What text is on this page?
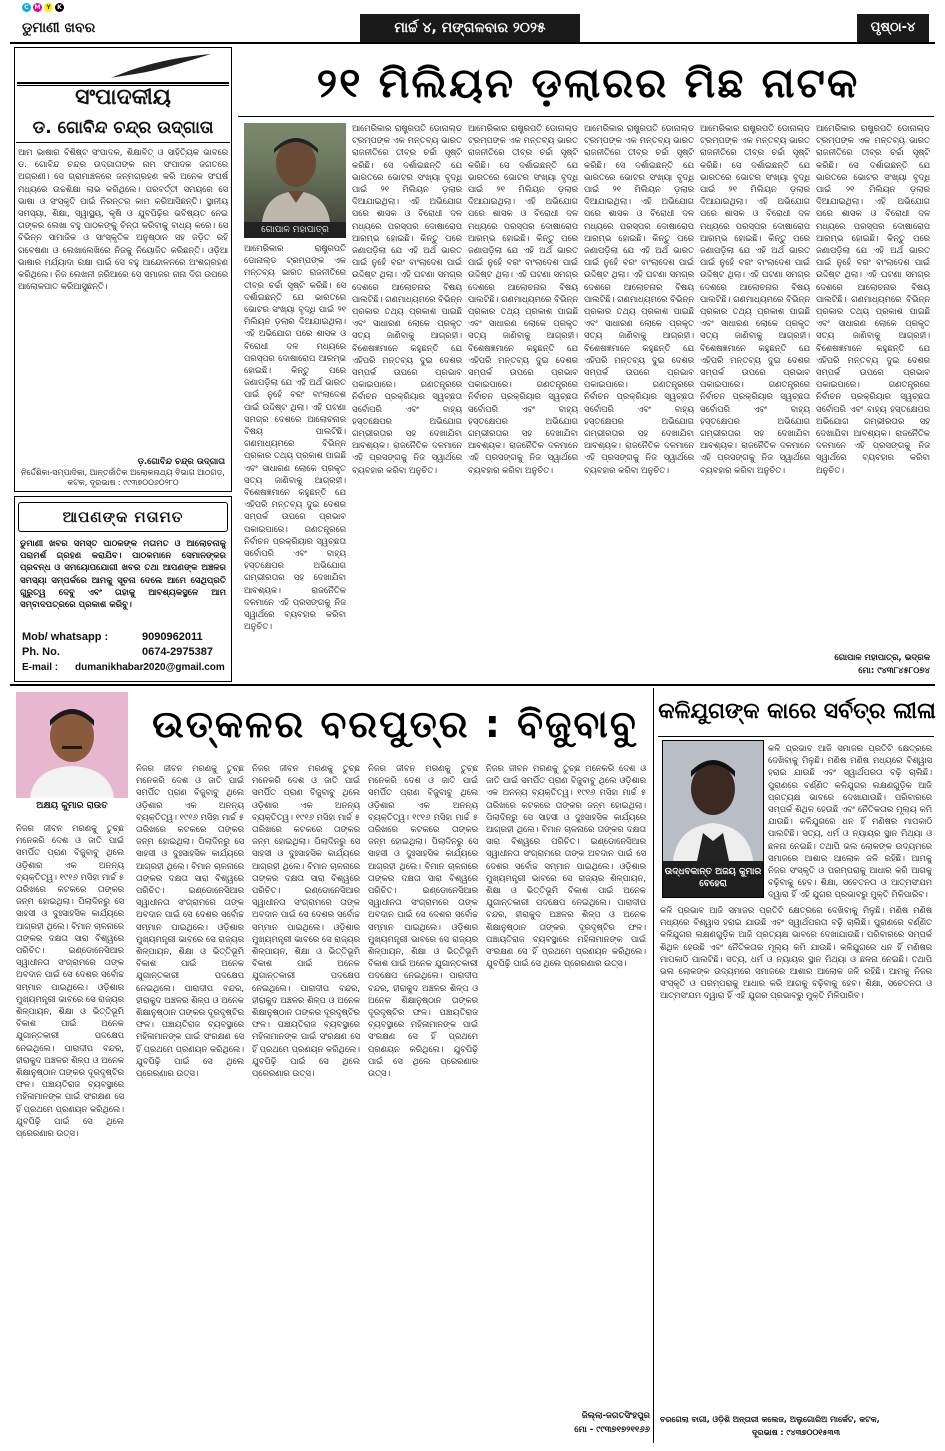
C M Y	K
ଡୁମାଣୀ ଖବର	ମାର୍ଚ୍ଚ ୪, ମଙ୍ଗଳବାର ୨୦୨୫	ପୃଷ୍ଠା-୪
ସଂପାଦକୀୟ
ଡ. ଗୋବିନ୍ଦ ଚନ୍ଦ୍ର ଉଦ୍ଗାତା
ଆମ ଭାଷାର ବିଶିଷ୍ଟ ସଂପାଦକ, ଶିକ୍ଷାବିତ୍ ଓ ସାହିତ୍ୟିକ ଭାବରେ ଡ. ଗୋବିନ୍ଦ ଚନ୍ଦ୍ର ଉଦ୍ଗାତାଙ୍କ ନାମ ସଂପାଦକ ଜଗତରେ ଅଗ୍ରଣୀ। ସେ ଗ୍ରାମାଞ୍ଚଳରେ ଜନ୍ମଗ୍ରହଣ କରି ଅନେକ ସଂଘର୍ଷ ମଧ୍ୟରେ ଉଚ୍ଚଶିକ୍ଷା ଲାଭ କରିଥିଲେ। ପରବର୍ତ୍ତୀ ସମୟରେ ସେ ଭାଷା ଓ ସଂସ୍କୃତି ପାଇଁ ନିରନ୍ତର କାମ କରିଆସିଛନ୍ତି। ସ୍ଥାନୀୟ ସମସ୍ୟା, ଶିକ୍ଷା, ସ୍ୱାସ୍ଥ୍ୟ, କୃଷି ଓ ଯୁବପିଢ଼ିର ଭବିଷ୍ୟତ ନେଇ ତାଙ୍କର ଲେଖା ବହୁ ପାଠକଙ୍କୁ ଚିନ୍ତା କରିବାକୁ ବାଧ୍ୟ କରେ। ସେ ବିଭିନ୍ନ ସାମାଜିକ ଓ ସାଂସ୍କୃତିକ ଅନୁଷ୍ଠାନ ସହ ଜଡ଼ିତ ରହି ଗବେଷଣା ଓ ଲେଖାଲେଖିରେ ନିଜକୁ ନିୟୋଜିତ କରିଛନ୍ତି। ଓଡ଼ିଆ ଭାଷାର ମର୍ଯ୍ୟାଦା ରକ୍ଷା ପାଇଁ ସେ ବହୁ ଆନ୍ଦୋଳନରେ ଅଂଶଗ୍ରହଣ କରିଥିଲେ। ନିଜ ଲେଖନୀ ଜରିଆରେ ସେ ସମାଜର ନାନା ଦିଗ ଉପରେ ଆଲୋକପାତ କରିଆସୁଛନ୍ତି।
ଡ଼.ଗୋବିନ୍ଦ ଚନ୍ଦ୍ର ଉଦ୍ଗାତା
ନିର୍ଦ୍ଦେଶିକା-ସମ୍ପାଦିକା, ଆନ୍ତର୍ଜାତିକ ଅଲୋକନାଥ୍ୟ ବିଭାଗ ଆଠଗଡ଼, କଟକ, ଦୂରଭାଷ : ୯୯୩୭୦୦୬୦୨୮୦
ଆପଣଙ୍କ ମତାମତ
ଡୁମାଣୀ ଖବର ସମସ୍ତ ପାଠକଙ୍କ ମତାମତ ଓ ଆଲୋଚନାକୁ ପରାମର୍ଶ ଗ୍ରହଣ କରାଯିବ। ପାଠକମାନେ ସେମାନଙ୍କର ପ୍ରବନ୍ଧ ଓ ସମୟୋପଯୋଗୀ ଖବର ତଥା ଆପଣଙ୍କ ଅଞ୍ଚଳର ସମସ୍ୟା ସମ୍ପର୍କରେ ଆମକୁ ସୂଚନା ଦେଲେ ଆମେ ସେଥିପ୍ରତି ଗୁରୁତ୍ୱ ଦେବୁ ଏବଂ ତାହାକୁ ଆବଶ୍ୟକସ୍ଥଳେ ଆମ ସମ୍ବାଦପତ୍ରରେ ପ୍ରକାଶ କରିବୁ।
Mob/ whatsapp :	9090962011
Ph. No.	0674-2975387
E-mail : dumanikhabar2020@gmail.com
୨୧ ମିଲିୟନ ଡ଼ଲାରର ମିଛ ନାଟକ
ଗୋପାଳ ମହାପାତ୍ର
ଆମେରିକାର ରାଷ୍ଟ୍ରପତି ଡୋନାଲ୍ଡ ଟ୍ରମ୍ପଙ୍କ ଏକ ମନ୍ତବ୍ୟ ଭାରତ ରାଜନୀତିରେ ତୀବ୍ର ଚର୍ଚ୍ଚା ସୃଷ୍ଟି କରିଛି। ସେ ଦର୍ଶାଇଛନ୍ତି ଯେ ଭାରତରେ ଭୋଟର ସଂଖ୍ୟା ବୃଦ୍ଧି ପାଇଁ ୨୧ ମିଲିୟନ ଡ଼ଲାର ଦିଆଯାଇଥିଲା। ଏହି ଅଭିଯୋଗ ପରେ ଶାସକ ଓ ବିରୋଧୀ ଦଳ ମଧ୍ୟରେ ପରସ୍ପର ଦୋଷାରୋପ ଆରମ୍ଭ ହୋଇଛି। କିନ୍ତୁ ପରେ ଜଣାପଡ଼ିଲା ଯେ ଏହି ଅର୍ଥ ଭାରତ ପାଇଁ ନୁହେଁ ବରଂ ବାଂଲାଦେଶ ପାଇଁ ଉଦ୍ଦିଷ୍ଟ ଥିଲା। ଏହି ଘଟଣା ସମଗ୍ର ଦେଶରେ ଆଲୋଚନାର ବିଷୟ ପାଲଟିଛି। ଗଣମାଧ୍ୟମରେ ବିଭିନ୍ନ ପ୍ରକାର ତଥ୍ୟ ପ୍ରକାଶ ପାଇଛି ଏବଂ ସାଧାରଣ ଲୋକେ ପ୍ରକୃତ ସତ୍ୟ ଜାଣିବାକୁ ଆଗ୍ରହୀ। ବିଶେଷଜ୍ଞମାନେ କହୁଛନ୍ତି ଯେ ଏହିପରି ମନ୍ତବ୍ୟ ଦୁଇ ଦେଶର ସମ୍ପର୍କ ଉପରେ ପ୍ରଭାବ ପକାଇପାରେ। ଗଣତନ୍ତ୍ରରେ ନିର୍ବାଚନ ପ୍ରକ୍ରିୟାର ସ୍ୱଚ୍ଛତା ସର୍ବୋପରି ଏବଂ ବାହ୍ୟ ହସ୍ତକ୍ଷେପର ଅଭିଯୋଗ ଗମ୍ଭୀରତାର ସହ ଦେଖାଯିବା ଆବଶ୍ୟକ। ରାଜନୈତିକ ଦଳମାନେ ଏହି ପ୍ରସଙ୍ଗକୁ ନିଜ ସ୍ୱାର୍ଥରେ ବ୍ୟବହାର କରିବା ଅନୁଚିତ।
ଆମେରିକାର ରାଷ୍ଟ୍ରପତି ଡୋନାଲ୍ଡ ଟ୍ରମ୍ପଙ୍କ ଏକ ମନ୍ତବ୍ୟ ଭାରତ ରାଜନୀତିରେ ତୀବ୍ର ଚର୍ଚ୍ଚା ସୃଷ୍ଟି କରିଛି। ସେ ଦର୍ଶାଇଛନ୍ତି ଯେ ଭାରତରେ ଭୋଟର ସଂଖ୍ୟା ବୃଦ୍ଧି ପାଇଁ ୨୧ ମିଲିୟନ ଡ଼ଲାର ଦିଆଯାଇଥିଲା। ଏହି ଅଭିଯୋଗ ପରେ ଶାସକ ଓ ବିରୋଧୀ ଦଳ ମଧ୍ୟରେ ପରସ୍ପର ଦୋଷାରୋପ ଆରମ୍ଭ ହୋଇଛି। କିନ୍ତୁ ପରେ ଜଣାପଡ଼ିଲା ଯେ ଏହି ଅର୍ଥ ଭାରତ ପାଇଁ ନୁହେଁ ବରଂ ବାଂଲାଦେଶ ପାଇଁ ଉଦ୍ଦିଷ୍ଟ ଥିଲା। ଏହି ଘଟଣା ସମଗ୍ର ଦେଶରେ ଆଲୋଚନାର ବିଷୟ ପାଲଟିଛି। ଗଣମାଧ୍ୟମରେ ବିଭିନ୍ନ ପ୍ରକାର ତଥ୍ୟ ପ୍ରକାଶ ପାଇଛି ଏବଂ ସାଧାରଣ ଲୋକେ ପ୍ରକୃତ ସତ୍ୟ ଜାଣିବାକୁ ଆଗ୍ରହୀ। ବିଶେଷଜ୍ଞମାନେ କହୁଛନ୍ତି ଯେ ଏହିପରି ମନ୍ତବ୍ୟ ଦୁଇ ଦେଶର ସମ୍ପର୍କ ଉପରେ ପ୍ରଭାବ ପକାଇପାରେ। ଗଣତନ୍ତ୍ରରେ ନିର୍ବାଚନ ପ୍ରକ୍ରିୟାର ସ୍ୱଚ୍ଛତା ସର୍ବୋପରି ଏବଂ ବାହ୍ୟ ହସ୍ତକ୍ଷେପର ଅଭିଯୋଗ ଗମ୍ଭୀରତାର ସହ ଦେଖାଯିବା ଆବଶ୍ୟକ। ରାଜନୈତିକ ଦଳମାନେ ଏହି ପ୍ରସଙ୍ଗକୁ ନିଜ ସ୍ୱାର୍ଥରେ ବ୍ୟବହାର କରିବା ଅନୁଚିତ।
ଆମେରିକାର ରାଷ୍ଟ୍ରପତି ଡୋନାଲ୍ଡ ଟ୍ରମ୍ପଙ୍କ ଏକ ମନ୍ତବ୍ୟ ଭାରତ ରାଜନୀତିରେ ତୀବ୍ର ଚର୍ଚ୍ଚା ସୃଷ୍ଟି କରିଛି। ସେ ଦର୍ଶାଇଛନ୍ତି ଯେ ଭାରତରେ ଭୋଟର ସଂଖ୍ୟା ବୃଦ୍ଧି ପାଇଁ ୨୧ ମିଲିୟନ ଡ଼ଲାର ଦିଆଯାଇଥିଲା। ଏହି ଅଭିଯୋଗ ପରେ ଶାସକ ଓ ବିରୋଧୀ ଦଳ ମଧ୍ୟରେ ପରସ୍ପର ଦୋଷାରୋପ ଆରମ୍ଭ ହୋଇଛି। କିନ୍ତୁ ପରେ ଜଣାପଡ଼ିଲା ଯେ ଏହି ଅର୍ଥ ଭାରତ ପାଇଁ ନୁହେଁ ବରଂ ବାଂଲାଦେଶ ପାଇଁ ଉଦ୍ଦିଷ୍ଟ ଥିଲା। ଏହି ଘଟଣା ସମଗ୍ର ଦେଶରେ ଆଲୋଚନାର ବିଷୟ ପାଲଟିଛି। ଗଣମାଧ୍ୟମରେ ବିଭିନ୍ନ ପ୍ରକାର ତଥ୍ୟ ପ୍ରକାଶ ପାଇଛି ଏବଂ ସାଧାରଣ ଲୋକେ ପ୍ରକୃତ ସତ୍ୟ ଜାଣିବାକୁ ଆଗ୍ରହୀ। ବିଶେଷଜ୍ଞମାନେ କହୁଛନ୍ତି ଯେ ଏହିପରି ମନ୍ତବ୍ୟ ଦୁଇ ଦେଶର ସମ୍ପର୍କ ଉପରେ ପ୍ରଭାବ ପକାଇପାରେ। ଗଣତନ୍ତ୍ରରେ ନିର୍ବାଚନ ପ୍ରକ୍ରିୟାର ସ୍ୱଚ୍ଛତା ସର୍ବୋପରି ଏବଂ ବାହ୍ୟ ହସ୍ତକ୍ଷେପର ଅଭିଯୋଗ ଗମ୍ଭୀରତାର ସହ ଦେଖାଯିବା ଆବଶ୍ୟକ। ରାଜନୈତିକ ଦଳମାନେ ଏହି ପ୍ରସଙ୍ଗକୁ ନିଜ ସ୍ୱାର୍ଥରେ ବ୍ୟବହାର କରିବା ଅନୁଚିତ।
ଆମେରିକାର ରାଷ୍ଟ୍ରପତି ଡୋନାଲ୍ଡ ଟ୍ରମ୍ପଙ୍କ ଏକ ମନ୍ତବ୍ୟ ଭାରତ ରାଜନୀତିରେ ତୀବ୍ର ଚର୍ଚ୍ଚା ସୃଷ୍ଟି କରିଛି। ସେ ଦର୍ଶାଇଛନ୍ତି ଯେ ଭାରତରେ ଭୋଟର ସଂଖ୍ୟା ବୃଦ୍ଧି ପାଇଁ ୨୧ ମିଲିୟନ ଡ଼ଲାର ଦିଆଯାଇଥିଲା। ଏହି ଅଭିଯୋଗ ପରେ ଶାସକ ଓ ବିରୋଧୀ ଦଳ ମଧ୍ୟରେ ପରସ୍ପର ଦୋଷାରୋପ ଆରମ୍ଭ ହୋଇଛି। କିନ୍ତୁ ପରେ ଜଣାପଡ଼ିଲା ଯେ ଏହି ଅର୍ଥ ଭାରତ ପାଇଁ ନୁହେଁ ବରଂ ବାଂଲାଦେଶ ପାଇଁ ଉଦ୍ଦିଷ୍ଟ ଥିଲା। ଏହି ଘଟଣା ସମଗ୍ର ଦେଶରେ ଆଲୋଚନାର ବିଷୟ ପାଲଟିଛି। ଗଣମାଧ୍ୟମରେ ବିଭିନ୍ନ ପ୍ରକାର ତଥ୍ୟ ପ୍ରକାଶ ପାଇଛି ଏବଂ ସାଧାରଣ ଲୋକେ ପ୍ରକୃତ ସତ୍ୟ ଜାଣିବାକୁ ଆଗ୍ରହୀ। ବିଶେଷଜ୍ଞମାନେ କହୁଛନ୍ତି ଯେ ଏହିପରି ମନ୍ତବ୍ୟ ଦୁଇ ଦେଶର ସମ୍ପର୍କ ଉପରେ ପ୍ରଭାବ ପକାଇପାରେ। ଗଣତନ୍ତ୍ରରେ ନିର୍ବାଚନ ପ୍ରକ୍ରିୟାର ସ୍ୱଚ୍ଛତା ସର୍ବୋପରି ଏବଂ ବାହ୍ୟ ହସ୍ତକ୍ଷେପର ଅଭିଯୋଗ ଗମ୍ଭୀରତାର ସହ ଦେଖାଯିବା ଆବଶ୍ୟକ। ରାଜନୈତିକ ଦଳମାନେ ଏହି ପ୍ରସଙ୍ଗକୁ ନିଜ ସ୍ୱାର୍ଥରେ ବ୍ୟବହାର କରିବା ଅନୁଚିତ।
ଆମେରିକାର ରାଷ୍ଟ୍ରପତି ଡୋନାଲ୍ଡ ଟ୍ରମ୍ପଙ୍କ ଏକ ମନ୍ତବ୍ୟ ଭାରତ ରାଜନୀତିରେ ତୀବ୍ର ଚର୍ଚ୍ଚା ସୃଷ୍ଟି କରିଛି। ସେ ଦର୍ଶାଇଛନ୍ତି ଯେ ଭାରତରେ ଭୋଟର ସଂଖ୍ୟା ବୃଦ୍ଧି ପାଇଁ ୨୧ ମିଲିୟନ ଡ଼ଲାର ଦିଆଯାଇଥିଲା। ଏହି ଅଭିଯୋଗ ପରେ ଶାସକ ଓ ବିରୋଧୀ ଦଳ ମଧ୍ୟରେ ପରସ୍ପର ଦୋଷାରୋପ ଆରମ୍ଭ ହୋଇଛି। କିନ୍ତୁ ପରେ ଜଣାପଡ଼ିଲା ଯେ ଏହି ଅର୍ଥ ଭାରତ ପାଇଁ ନୁହେଁ ବରଂ ବାଂଲାଦେଶ ପାଇଁ ଉଦ୍ଦିଷ୍ଟ ଥିଲା। ଏହି ଘଟଣା ସମଗ୍ର ଦେଶରେ ଆଲୋଚନାର ବିଷୟ ପାଲଟିଛି। ଗଣମାଧ୍ୟମରେ ବିଭିନ୍ନ ପ୍ରକାର ତଥ୍ୟ ପ୍ରକାଶ ପାଇଛି ଏବଂ ସାଧାରଣ ଲୋକେ ପ୍ରକୃତ ସତ୍ୟ ଜାଣିବାକୁ ଆଗ୍ରହୀ। ବିଶେଷଜ୍ଞମାନେ କହୁଛନ୍ତି ଯେ ଏହିପରି ମନ୍ତବ୍ୟ ଦୁଇ ଦେଶର ସମ୍ପର୍କ ଉପରେ ପ୍ରଭାବ ପକାଇପାରେ। ଗଣତନ୍ତ୍ରରେ ନିର୍ବାଚନ ପ୍ରକ୍ରିୟାର ସ୍ୱଚ୍ଛତା ସର୍ବୋପରି ଏବଂ ବାହ୍ୟ ହସ୍ତକ୍ଷେପର ଅଭିଯୋଗ ଗମ୍ଭୀରତାର ସହ ଦେଖାଯିବା ଆବଶ୍ୟକ। ରାଜନୈତିକ ଦଳମାନେ ଏହି ପ୍ରସଙ୍ଗକୁ ନିଜ ସ୍ୱାର୍ଥରେ ବ୍ୟବହାର କରିବା ଅନୁଚିତ।
ଆମେରିକାର ରାଷ୍ଟ୍ରପତି ଡୋନାଲ୍ଡ ଟ୍ରମ୍ପଙ୍କ ଏକ ମନ୍ତବ୍ୟ ଭାରତ ରାଜନୀତିରେ ତୀବ୍ର ଚର୍ଚ୍ଚା ସୃଷ୍ଟି କରିଛି। ସେ ଦର୍ଶାଇଛନ୍ତି ଯେ ଭାରତରେ ଭୋଟର ସଂଖ୍ୟା ବୃଦ୍ଧି ପାଇଁ ୨୧ ମିଲିୟନ ଡ଼ଲାର ଦିଆଯାଇଥିଲା। ଏହି ଅଭିଯୋଗ ପରେ ଶାସକ ଓ ବିରୋଧୀ ଦଳ ମଧ୍ୟରେ ପରସ୍ପର ଦୋଷାରୋପ ଆରମ୍ଭ ହୋଇଛି। କିନ୍ତୁ ପରେ ଜଣାପଡ଼ିଲା ଯେ ଏହି ଅର୍ଥ ଭାରତ ପାଇଁ ନୁହେଁ ବରଂ ବାଂଲାଦେଶ ପାଇଁ ଉଦ୍ଦିଷ୍ଟ ଥିଲା। ଏହି ଘଟଣା ସମଗ୍ର ଦେଶରେ ଆଲୋଚନାର ବିଷୟ ପାଲଟିଛି। ଗଣମାଧ୍ୟମରେ ବିଭିନ୍ନ ପ୍ରକାର ତଥ୍ୟ ପ୍ରକାଶ ପାଇଛି ଏବଂ ସାଧାରଣ ଲୋକେ ପ୍ରକୃତ ସତ୍ୟ ଜାଣିବାକୁ ଆଗ୍ରହୀ। ବିଶେଷଜ୍ଞମାନେ କହୁଛନ୍ତି ଯେ ଏହିପରି ମନ୍ତବ୍ୟ ଦୁଇ ଦେଶର ସମ୍ପର୍କ ଉପରେ ପ୍ରଭାବ ପକାଇପାରେ। ଗଣତନ୍ତ୍ରରେ ନିର୍ବାଚନ ପ୍ରକ୍ରିୟାର ସ୍ୱଚ୍ଛତା ସର୍ବୋପରି ଏବଂ ବାହ୍ୟ ହସ୍ତକ୍ଷେପର ଅଭିଯୋଗ ଗମ୍ଭୀରତାର ସହ ଦେଖାଯିବା ଆବଶ୍ୟକ। ରାଜନୈତିକ ଦଳମାନେ ଏହି ପ୍ରସଙ୍ଗକୁ ନିଜ ସ୍ୱାର୍ଥରେ ବ୍ୟବହାର କରିବା ଅନୁଚିତ।
ଗୋପାଳ ମହାପାତ୍ର, ଭଦ୍ରକ
ମୋ: ୯୪୩୮୪୫୮୦୭୪
ଅକ୍ଷୟ କୁମାର ରାଉତ
ଉତ୍କଳର ବରପୁତ୍ର : ବିଜୁବାବୁ
ନିଜର ଜୀବନ ମରଣକୁ ତୁଚ୍ଛ ମନେକରି ଦେଶ ଓ ଜାତି ପାଇଁ ସମର୍ପିତ ପ୍ରାଣ ବିଜୁବାବୁ ଥିଲେ ଓଡ଼ିଶାର ଏକ ଅନନ୍ୟ ବ୍ୟକ୍ତିତ୍ୱ। ୧୯୧୬ ମସିହା ମାର୍ଚ୍ଚ ୫ ତାରିଖରେ କଟକରେ ତାଙ୍କର ଜନ୍ମ ହୋଇଥିଲା। ପିଲାଦିନରୁ ସେ ସାହସୀ ଓ ଦୁଃସାହସିକ କାର୍ଯ୍ୟରେ ଆଗ୍ରହୀ ଥିଲେ। ବିମାନ ଚାଳନାରେ ତାଙ୍କର ଦକ୍ଷତା ସାରା ବିଶ୍ୱରେ ପରିଚିତ। ଇଣ୍ଡୋନେସିଆର ସ୍ୱାଧୀନତା ସଂଗ୍ରାମରେ ତାଙ୍କ ଅବଦାନ ପାଇଁ ସେ ଦେଶର ସର୍ବୋଚ୍ଚ ସମ୍ମାନ ପାଇଥିଲେ। ଓଡ଼ିଶାର ମୁଖ୍ୟମନ୍ତ୍ରୀ ଭାବରେ ସେ ରାଜ୍ୟର ଶିଳ୍ପାୟନ, ଶିକ୍ଷା ଓ ଭିତ୍ତିଭୂମି ବିକାଶ ପାଇଁ ଅନେକ ଯୁଗାନ୍ତକାରୀ ପଦକ୍ଷେପ ନେଇଥିଲେ। ପାରାଦୀପ ବନ୍ଦର, ହୀରାକୁଦ ଅଞ୍ଚଳର ଶିଳ୍ପ ଓ ଅନେକ ଶିକ୍ଷାନୁଷ୍ଠାନ ତାଙ୍କର ଦୂରଦୃଷ୍ଟିର ଫଳ। ପଞ୍ଚାୟତିରାଜ ବ୍ୟବସ୍ଥାରେ ମହିଳାମାନଙ୍କ ପାଇଁ ସଂରକ୍ଷଣ ସେ ହିଁ ପ୍ରଥମେ ପ୍ରଣୟନ କରିଥିଲେ। ଯୁବପିଢ଼ି ପାଇଁ ସେ ଥିଲେ ପ୍ରେରଣାର ଉତ୍ସ।
ନିଜର ଜୀବନ ମରଣକୁ ତୁଚ୍ଛ ମନେକରି ଦେଶ ଓ ଜାତି ପାଇଁ ସମର୍ପିତ ପ୍ରାଣ ବିଜୁବାବୁ ଥିଲେ ଓଡ଼ିଶାର ଏକ ଅନନ୍ୟ ବ୍ୟକ୍ତିତ୍ୱ। ୧୯୧୬ ମସିହା ମାର୍ଚ୍ଚ ୫ ତାରିଖରେ କଟକରେ ତାଙ୍କର ଜନ୍ମ ହୋଇଥିଲା। ପିଲାଦିନରୁ ସେ ସାହସୀ ଓ ଦୁଃସାହସିକ କାର୍ଯ୍ୟରେ ଆଗ୍ରହୀ ଥିଲେ। ବିମାନ ଚାଳନାରେ ତାଙ୍କର ଦକ୍ଷତା ସାରା ବିଶ୍ୱରେ ପରିଚିତ। ଇଣ୍ଡୋନେସିଆର ସ୍ୱାଧୀନତା ସଂଗ୍ରାମରେ ତାଙ୍କ ଅବଦାନ ପାଇଁ ସେ ଦେଶର ସର୍ବୋଚ୍ଚ ସମ୍ମାନ ପାଇଥିଲେ। ଓଡ଼ିଶାର ମୁଖ୍ୟମନ୍ତ୍ରୀ ଭାବରେ ସେ ରାଜ୍ୟର ଶିଳ୍ପାୟନ, ଶିକ୍ଷା ଓ ଭିତ୍ତିଭୂମି ବିକାଶ ପାଇଁ ଅନେକ ଯୁଗାନ୍ତକାରୀ ପଦକ୍ଷେପ ନେଇଥିଲେ। ପାରାଦୀପ ବନ୍ଦର, ହୀରାକୁଦ ଅଞ୍ଚଳର ଶିଳ୍ପ ଓ ଅନେକ ଶିକ୍ଷାନୁଷ୍ଠାନ ତାଙ୍କର ଦୂରଦୃଷ୍ଟିର ଫଳ। ପଞ୍ଚାୟତିରାଜ ବ୍ୟବସ୍ଥାରେ ମହିଳାମାନଙ୍କ ପାଇଁ ସଂରକ୍ଷଣ ସେ ହିଁ ପ୍ରଥମେ ପ୍ରଣୟନ କରିଥିଲେ। ଯୁବପିଢ଼ି ପାଇଁ ସେ ଥିଲେ ପ୍ରେରଣାର ଉତ୍ସ।
ନିଜର ଜୀବନ ମରଣକୁ ତୁଚ୍ଛ ମନେକରି ଦେଶ ଓ ଜାତି ପାଇଁ ସମର୍ପିତ ପ୍ରାଣ ବିଜୁବାବୁ ଥିଲେ ଓଡ଼ିଶାର ଏକ ଅନନ୍ୟ ବ୍ୟକ୍ତିତ୍ୱ। ୧୯୧୬ ମସିହା ମାର୍ଚ୍ଚ ୫ ତାରିଖରେ କଟକରେ ତାଙ୍କର ଜନ୍ମ ହୋଇଥିଲା। ପିଲାଦିନରୁ ସେ ସାହସୀ ଓ ଦୁଃସାହସିକ କାର୍ଯ୍ୟରେ ଆଗ୍ରହୀ ଥିଲେ। ବିମାନ ଚାଳନାରେ ତାଙ୍କର ଦକ୍ଷତା ସାରା ବିଶ୍ୱରେ ପରିଚିତ। ଇଣ୍ଡୋନେସିଆର ସ୍ୱାଧୀନତା ସଂଗ୍ରାମରେ ତାଙ୍କ ଅବଦାନ ପାଇଁ ସେ ଦେଶର ସର୍ବୋଚ୍ଚ ସମ୍ମାନ ପାଇଥିଲେ। ଓଡ଼ିଶାର ମୁଖ୍ୟମନ୍ତ୍ରୀ ଭାବରେ ସେ ରାଜ୍ୟର ଶିଳ୍ପାୟନ, ଶିକ୍ଷା ଓ ଭିତ୍ତିଭୂମି ବିକାଶ ପାଇଁ ଅନେକ ଯୁଗାନ୍ତକାରୀ ପଦକ୍ଷେପ ନେଇଥିଲେ। ପାରାଦୀପ ବନ୍ଦର, ହୀରାକୁଦ ଅଞ୍ଚଳର ଶିଳ୍ପ ଓ ଅନେକ ଶିକ୍ଷାନୁଷ୍ଠାନ ତାଙ୍କର ଦୂରଦୃଷ୍ଟିର ଫଳ। ପଞ୍ଚାୟତିରାଜ ବ୍ୟବସ୍ଥାରେ ମହିଳାମାନଙ୍କ ପାଇଁ ସଂରକ୍ଷଣ ସେ ହିଁ ପ୍ରଥମେ ପ୍ରଣୟନ କରିଥିଲେ। ଯୁବପିଢ଼ି ପାଇଁ ସେ ଥିଲେ ପ୍ରେରଣାର ଉତ୍ସ।
ନିଜର ଜୀବନ ମରଣକୁ ତୁଚ୍ଛ ମନେକରି ଦେଶ ଓ ଜାତି ପାଇଁ ସମର୍ପିତ ପ୍ରାଣ ବିଜୁବାବୁ ଥିଲେ ଓଡ଼ିଶାର ଏକ ଅନନ୍ୟ ବ୍ୟକ୍ତିତ୍ୱ। ୧୯୧୬ ମସିହା ମାର୍ଚ୍ଚ ୫ ତାରିଖରେ କଟକରେ ତାଙ୍କର ଜନ୍ମ ହୋଇଥିଲା। ପିଲାଦିନରୁ ସେ ସାହସୀ ଓ ଦୁଃସାହସିକ କାର୍ଯ୍ୟରେ ଆଗ୍ରହୀ ଥିଲେ। ବିମାନ ଚାଳନାରେ ତାଙ୍କର ଦକ୍ଷତା ସାରା ବିଶ୍ୱରେ ପରିଚିତ। ଇଣ୍ଡୋନେସିଆର ସ୍ୱାଧୀନତା ସଂଗ୍ରାମରେ ତାଙ୍କ ଅବଦାନ ପାଇଁ ସେ ଦେଶର ସର୍ବୋଚ୍ଚ ସମ୍ମାନ ପାଇଥିଲେ। ଓଡ଼ିଶାର ମୁଖ୍ୟମନ୍ତ୍ରୀ ଭାବରେ ସେ ରାଜ୍ୟର ଶିଳ୍ପାୟନ, ଶିକ୍ଷା ଓ ଭିତ୍ତିଭୂମି ବିକାଶ ପାଇଁ ଅନେକ ଯୁଗାନ୍ତକାରୀ ପଦକ୍ଷେପ ନେଇଥିଲେ। ପାରାଦୀପ ବନ୍ଦର, ହୀରାକୁଦ ଅଞ୍ଚଳର ଶିଳ୍ପ ଓ ଅନେକ ଶିକ୍ଷାନୁଷ୍ଠାନ ତାଙ୍କର ଦୂରଦୃଷ୍ଟିର ଫଳ। ପଞ୍ଚାୟତିରାଜ ବ୍ୟବସ୍ଥାରେ ମହିଳାମାନଙ୍କ ପାଇଁ ସଂରକ୍ଷଣ ସେ ହିଁ ପ୍ରଥମେ ପ୍ରଣୟନ କରିଥିଲେ। ଯୁବପିଢ଼ି ପାଇଁ ସେ ଥିଲେ ପ୍ରେରଣାର ଉତ୍ସ।
ନିଜର ଜୀବନ ମରଣକୁ ତୁଚ୍ଛ ମନେକରି ଦେଶ ଓ ଜାତି ପାଇଁ ସମର୍ପିତ ପ୍ରାଣ ବିଜୁବାବୁ ଥିଲେ ଓଡ଼ିଶାର ଏକ ଅନନ୍ୟ ବ୍ୟକ୍ତିତ୍ୱ। ୧୯୧୬ ମସିହା ମାର୍ଚ୍ଚ ୫ ତାରିଖରେ କଟକରେ ତାଙ୍କର ଜନ୍ମ ହୋଇଥିଲା। ପିଲାଦିନରୁ ସେ ସାହସୀ ଓ ଦୁଃସାହସିକ କାର୍ଯ୍ୟରେ ଆଗ୍ରହୀ ଥିଲେ। ବିମାନ ଚାଳନାରେ ତାଙ୍କର ଦକ୍ଷତା ସାରା ବିଶ୍ୱରେ ପରିଚିତ। ଇଣ୍ଡୋନେସିଆର ସ୍ୱାଧୀନତା ସଂଗ୍ରାମରେ ତାଙ୍କ ଅବଦାନ ପାଇଁ ସେ ଦେଶର ସର୍ବୋଚ୍ଚ ସମ୍ମାନ ପାଇଥିଲେ। ଓଡ଼ିଶାର ମୁଖ୍ୟମନ୍ତ୍ରୀ ଭାବରେ ସେ ରାଜ୍ୟର ଶିଳ୍ପାୟନ, ଶିକ୍ଷା ଓ ଭିତ୍ତିଭୂମି ବିକାଶ ପାଇଁ ଅନେକ ଯୁଗାନ୍ତକାରୀ ପଦକ୍ଷେପ ନେଇଥିଲେ। ପାରାଦୀପ ବନ୍ଦର, ହୀରାକୁଦ ଅଞ୍ଚଳର ଶିଳ୍ପ ଓ ଅନେକ ଶିକ୍ଷାନୁଷ୍ଠାନ ତାଙ୍କର ଦୂରଦୃଷ୍ଟିର ଫଳ। ପଞ୍ଚାୟତିରାଜ ବ୍ୟବସ୍ଥାରେ ମହିଳାମାନଙ୍କ ପାଇଁ ସଂରକ୍ଷଣ ସେ ହିଁ ପ୍ରଥମେ ପ୍ରଣୟନ କରିଥିଲେ। ଯୁବପିଢ଼ି ପାଇଁ ସେ ଥିଲେ ପ୍ରେରଣାର ଉତ୍ସ।
ଜିଲ୍ଲା-ଜଗତସିଂହପୁର
ମୋ - ୯୯୩୭୧୭୨୧୧୬୬
କଳିଯୁଗଙ୍କ କାରେ ସର୍ବତ୍ର ଲୀଳା
ଉଦ୍ଧବକାନ୍ତ ଅଜୟ କୁମାର ବେହେରା
କଳି ପ୍ରଭାବ ଆଜି ସମାଜର ପ୍ରତିଟି କ୍ଷେତ୍ରରେ ଦେଖିବାକୁ ମିଳୁଛି। ମଣିଷ ମଣିଷ ମଧ୍ୟରେ ବିଶ୍ୱାସ ହରାଇ ଯାଉଛି ଏବଂ ସ୍ୱାର୍ଥପରତା ବଢ଼ି ଚାଲିଛି। ପୁରାଣରେ ବର୍ଣ୍ଣିତ କଳିଯୁଗର ଲକ୍ଷଣଗୁଡ଼ିକ ଆଜି ପ୍ରତ୍ୟକ୍ଷ ଭାବରେ ଦେଖାଯାଉଛି। ପରିବାରରେ ସମ୍ପର୍କ ଶିଥିଳ ହେଉଛି ଏବଂ ନୈତିକତାର ମୂଲ୍ୟ କମି ଯାଉଛି। କଳିଯୁଗରେ ଧନ ହିଁ ମଣିଷର ମାପକାଠି ପାଲଟିଛି। ସତ୍ୟ, ଧର୍ମ ଓ ନ୍ୟାୟର ସ୍ଥାନ ମିଥ୍ୟା ଓ ଛଳନା ନେଇଛି। ତଥାପି ଭଲ ଲୋକଙ୍କ ଉଦ୍ୟମରେ ସମାଜରେ ଆଶାର ଆଲୋକ ଜଳି ରହିଛି। ଆମକୁ ନିଜର ସଂସ୍କୃତି ଓ ପରମ୍ପରାକୁ ଆଧାର କରି ଆଗକୁ ବଢ଼ିବାକୁ ହେବ। ଶିକ୍ଷା, ସଚେତନତା ଓ ଆତ୍ମସଂଯମ ଦ୍ୱାରା ହିଁ ଏହି ଯୁଗର ପ୍ରଭାବରୁ ମୁକ୍ତି ମିଳିପାରିବ।
କଳି ପ୍ରଭାବ ଆଜି ସମାଜର ପ୍ରତିଟି କ୍ଷେତ୍ରରେ ଦେଖିବାକୁ ମିଳୁଛି। ମଣିଷ ମଣିଷ ମଧ୍ୟରେ ବିଶ୍ୱାସ ହରାଇ ଯାଉଛି ଏବଂ ସ୍ୱାର୍ଥପରତା ବଢ଼ି ଚାଲିଛି। ପୁରାଣରେ ବର୍ଣ୍ଣିତ କଳିଯୁଗର ଲକ୍ଷଣଗୁଡ଼ିକ ଆଜି ପ୍ରତ୍ୟକ୍ଷ ଭାବରେ ଦେଖାଯାଉଛି। ପରିବାରରେ ସମ୍ପର୍କ ଶିଥିଳ ହେଉଛି ଏବଂ ନୈତିକତାର ମୂଲ୍ୟ କମି ଯାଉଛି। କଳିଯୁଗରେ ଧନ ହିଁ ମଣିଷର ମାପକାଠି ପାଲଟିଛି। ସତ୍ୟ, ଧର୍ମ ଓ ନ୍ୟାୟର ସ୍ଥାନ ମିଥ୍ୟା ଓ ଛଳନା ନେଇଛି। ତଥାପି ଭଲ ଲୋକଙ୍କ ଉଦ୍ୟମରେ ସମାଜରେ ଆଶାର ଆଲୋକ ଜଳି ରହିଛି। ଆମକୁ ନିଜର ସଂସ୍କୃତି ଓ ପରମ୍ପରାକୁ ଆଧାର କରି ଆଗକୁ ବଢ଼ିବାକୁ ହେବ। ଶିକ୍ଷା, ସଚେତନତା ଓ ଆତ୍ମସଂଯମ ଦ୍ୱାରା ହିଁ ଏହି ଯୁଗର ପ୍ରଭାବରୁ ମୁକ୍ତି ମିଳିପାରିବ।
ବରଗେଲା ବାଗୀ, ଓଡ଼ିଶି ଅନ୍ତାରୀ କଲେଜ, ଅଲୁଗୋରିଅ ମାର୍କେଟ, କଟକ,
ଦୂରଭାଷ : ୯୪୩୭୦୦୧୫୩୩
